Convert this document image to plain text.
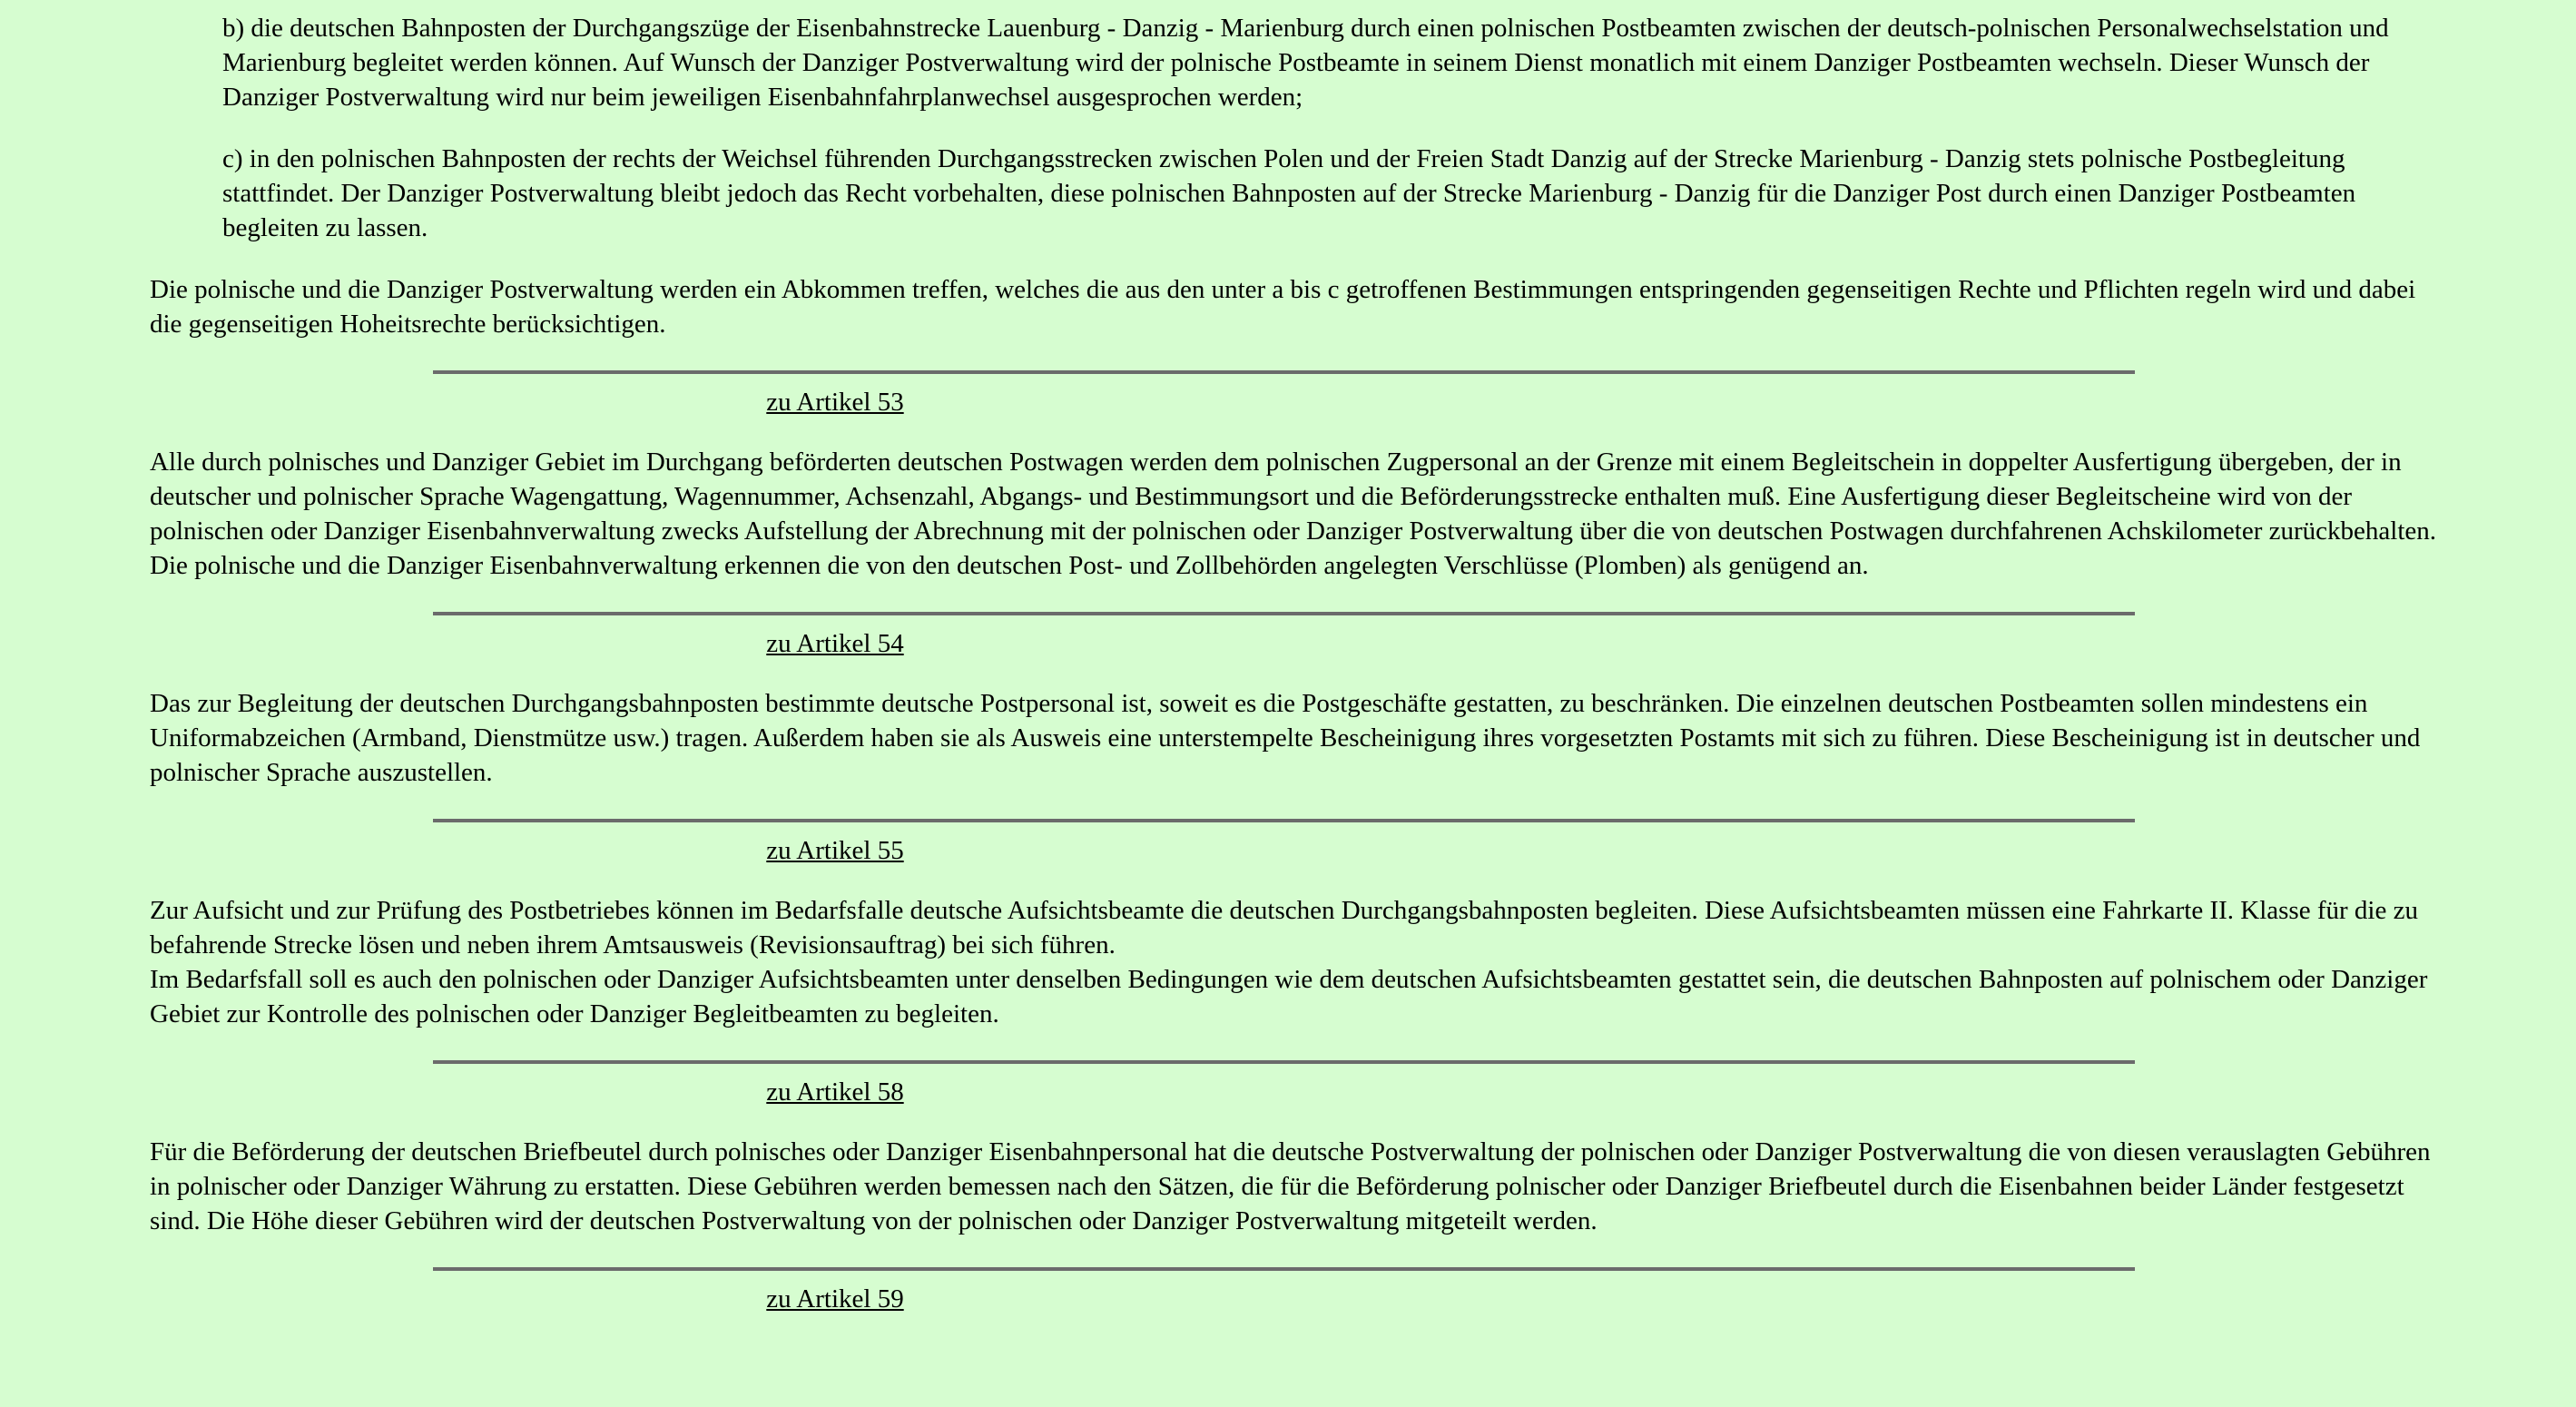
b) die deutschen Bahnposten der Durchgangszüge der Eisenbahnstrecke Lauenburg - Danzig - Marienburg durch einen polnischen Postbeamten zwischen der deutsch-polnischen Personalwechselstation und Marienburg begleitet werden können. Auf Wunsch der Danziger Postverwaltung wird der polnische Postbeamte in seinem Dienst monatlich mit einem Danziger Postbeamten wechseln. Dieser Wunsch der Danziger Postverwaltung wird nur beim jeweiligen Eisenbahnfahrplanwechsel ausgesprochen werden;

c) in den polnischen Bahnposten der rechts der Weichsel führenden Durchgangsstrecken zwischen Polen und der Freien Stadt Danzig auf der Strecke Marienburg - Danzig stets polnische Postbegleitung stattfindet. Der Danziger Postverwaltung bleibt jedoch das Recht vorbehalten, diese polnischen Bahnposten auf der Strecke Marienburg - Danzig für die Danziger Post durch einen Danziger Postbeamten begleiten zu lassen.

Die polnische und die Danziger Postverwaltung werden ein Abkommen treffen, welches die aus den unter a bis c getroffenen Bestimmungen entspringenden gegenseitigen Rechte und Pflichten regeln wird und dabei die gegenseitigen Hoheitsrechte berücksichtigen.

zu Artikel 53

Alle durch polnisches und Danziger Gebiet im Durchgang beförderten deutschen Postwagen werden dem polnischen Zugpersonal an der Grenze mit einem Begleitschein in doppelter Ausfertigung übergeben, der in deutscher und polnischer Sprache Wagengattung, Wagennummer, Achsenzahl, Abgangs- und Bestimmungsort und die Beförderungsstrecke enthalten muß. Eine Ausfertigung dieser Begleitscheine wird von der polnischen oder Danziger Eisenbahnverwaltung zwecks Aufstellung der Abrechnung mit der polnischen oder Danziger Postverwaltung über die von deutschen Postwagen durchfahrenen Achskilometer zurückbehalten. Die polnische und die Danziger Eisenbahnverwaltung erkennen die von den deutschen Post- und Zollbehörden angelegten Verschlüsse (Plomben) als genügend an.

zu Artikel 54

Das zur Begleitung der deutschen Durchgangsbahnposten bestimmte deutsche Postpersonal ist, soweit es die Postgeschäfte gestatten, zu beschränken. Die einzelnen deutschen Postbeamten sollen mindestens ein Uniformabzeichen (Armband, Dienstmütze usw.) tragen. Außerdem haben sie als Ausweis eine unterstempelte Bescheinigung ihres vorgesetzten Postamts mit sich zu führen. Diese Bescheinigung ist in deutscher und polnischer Sprache auszustellen.

zu Artikel 55

Zur Aufsicht und zur Prüfung des Postbetriebes können im Bedarfsfalle deutsche Aufsichtsbeamte die deutschen Durchgangsbahnposten begleiten. Diese Aufsichtsbeamten müssen eine Fahrkarte II. Klasse für die zu befahrende Strecke lösen und neben ihrem Amtsausweis (Revisionsauftrag) bei sich führen.

Im Bedarfsfall soll es auch den polnischen oder Danziger Aufsichtsbeamten unter denselben Bedingungen wie dem deutschen Aufsichtsbeamten gestattet sein, die deutschen Bahnposten auf polnischem oder Danziger Gebiet zur Kontrolle des polnischen oder Danziger Begleitbeamten zu begleiten.

zu Artikel 58

Für die Beförderung der deutschen Briefbeutel durch polnisches oder Danziger Eisenbahnpersonal hat die deutsche Postverwaltung der polnischen oder Danziger Postverwaltung die von diesen verauslagten Gebühren in polnischer oder Danziger Währung zu erstatten. Diese Gebühren werden bemessen nach den Sätzen, die für die Beförderung polnischer oder Danziger Briefbeutel durch die Eisenbahnen beider Länder festgesetzt sind. Die Höhe dieser Gebühren wird der deutschen Postverwaltung von der polnischen oder Danziger Postverwaltung mitgeteilt werden.

zu Artikel 59
